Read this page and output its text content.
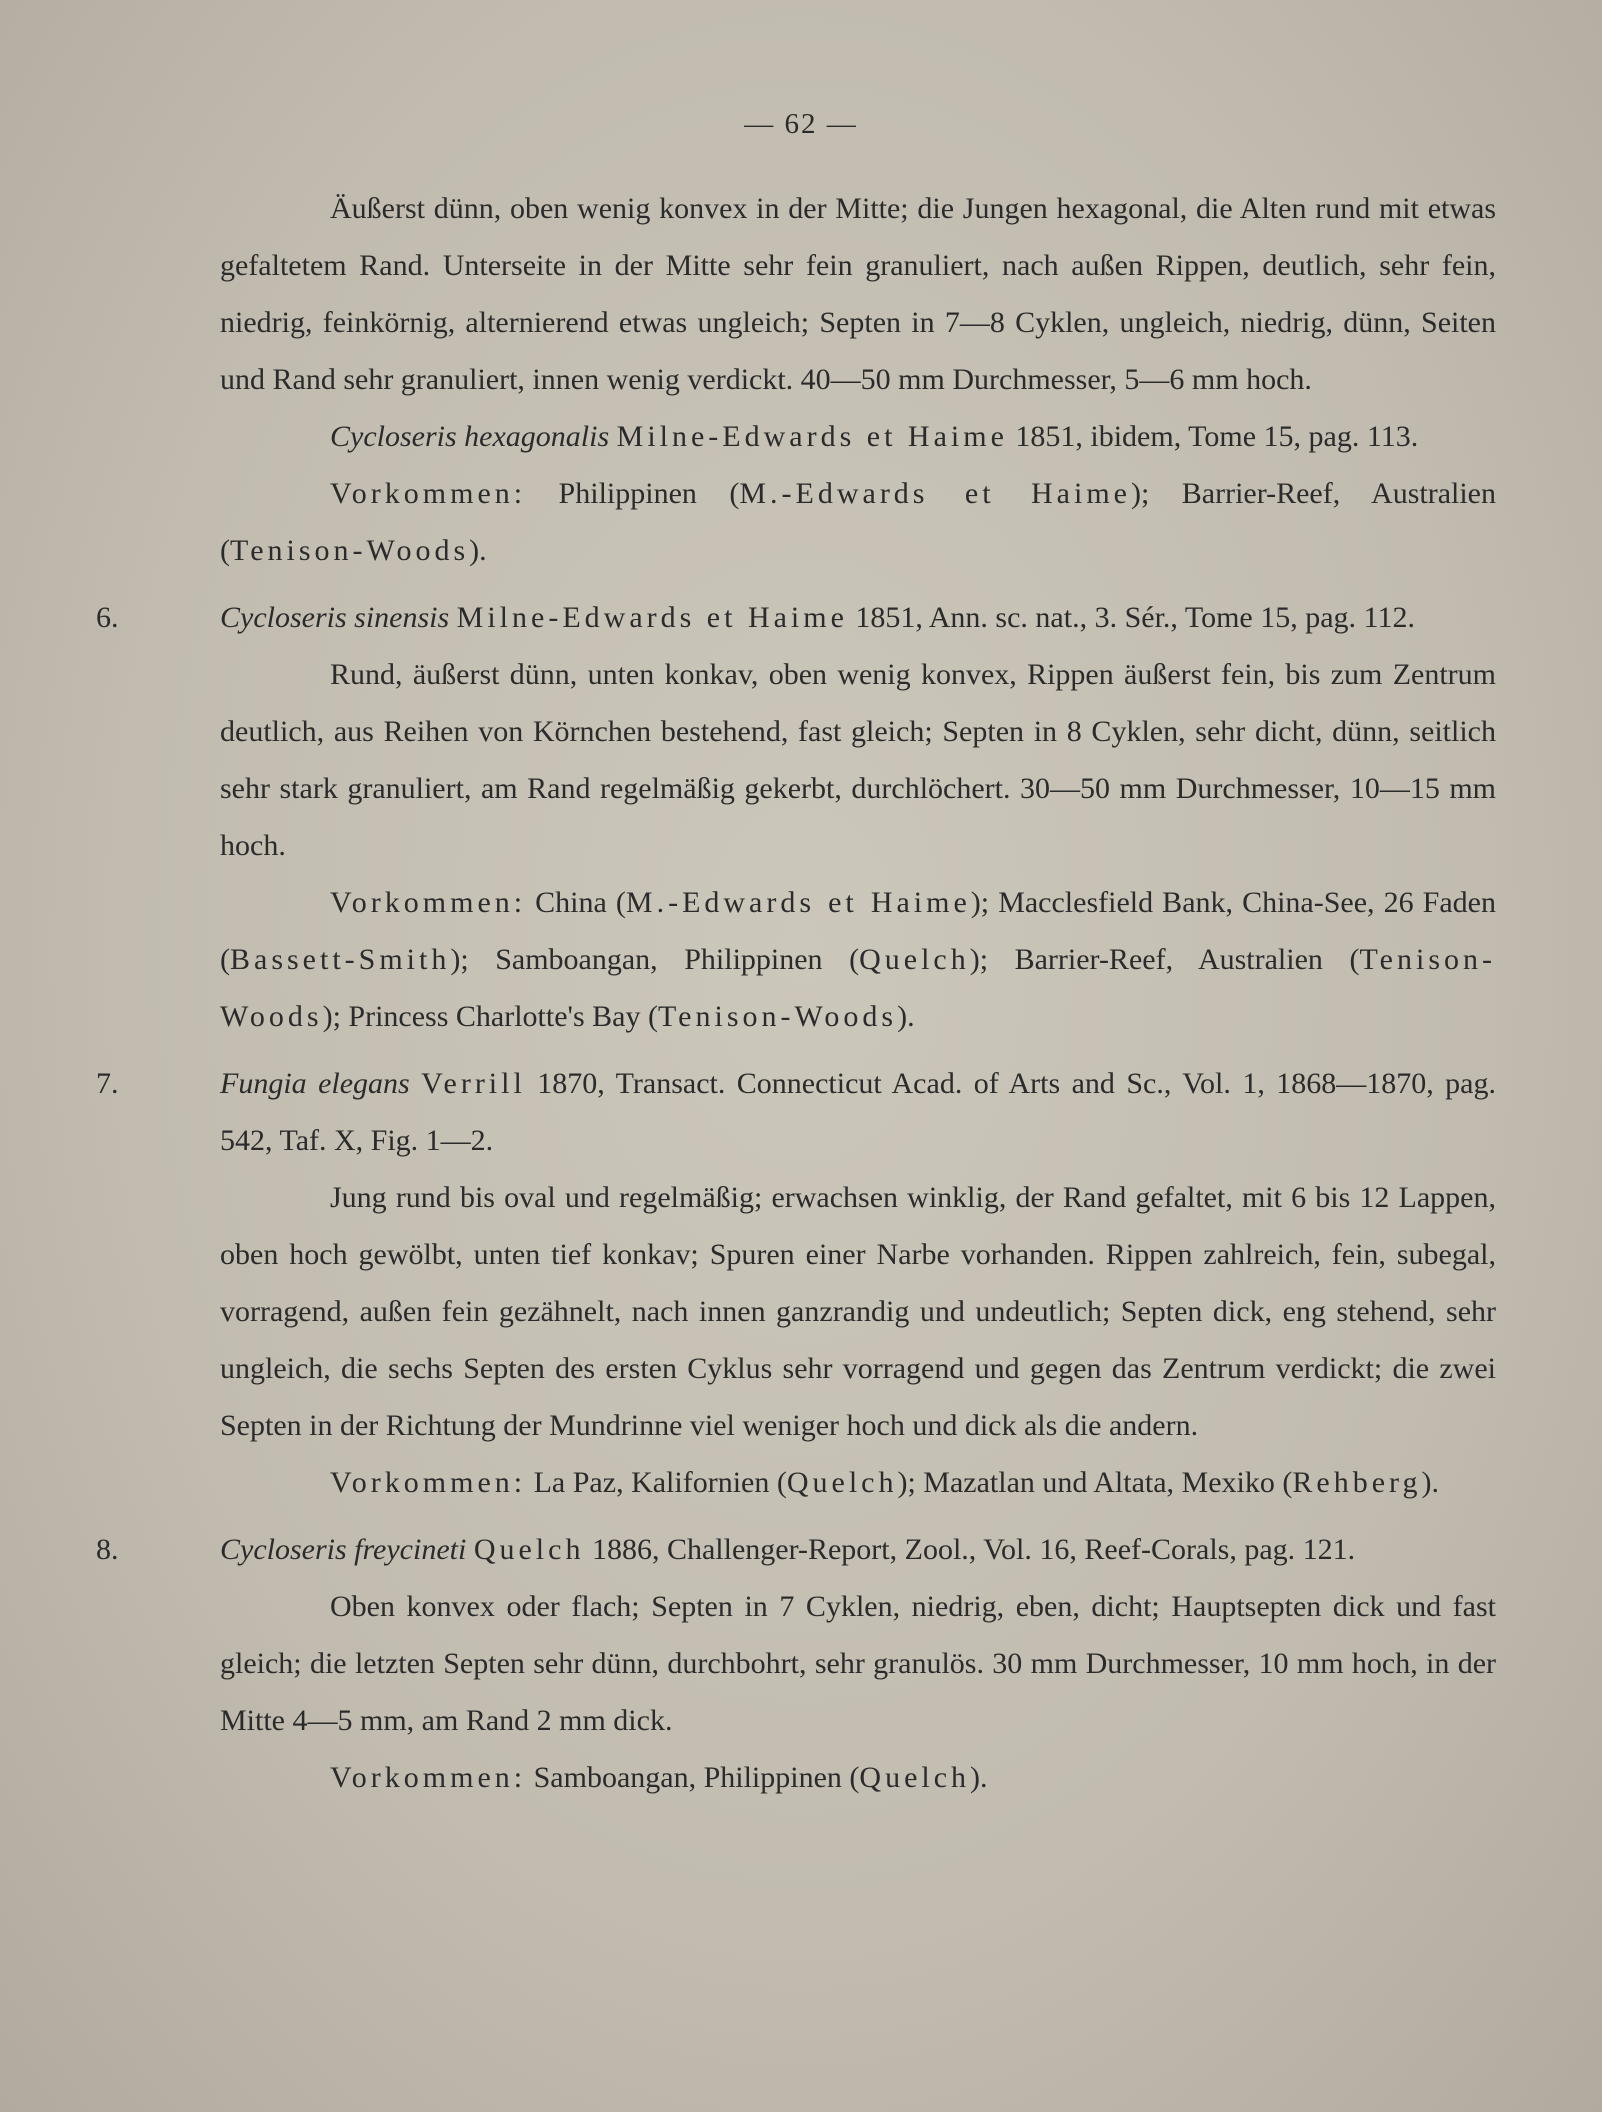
— 62 —

Äußerst dünn, oben wenig konvex in der Mitte; die Jungen hexagonal, die Alten rund mit etwas gefaltetem Rand. Unterseite in der Mitte sehr fein granuliert, nach außen Rippen, deutlich, sehr fein, niedrig, feinkörnig, alternierend etwas ungleich; Septen in 7—8 Cyklen, ungleich, niedrig, dünn, Seiten und Rand sehr granuliert, innen wenig verdickt. 40—50 mm Durchmesser, 5—6 mm hoch.

Cycloseris hexagonalis Milne-Edwards et Haime 1851, ibidem, Tome 15, pag. 113.

Vorkommen: Philippinen (M.-Edwards et Haime); Barrier-Reef, Australien (Tenison-Woods).

6.	Cycloseris sinensis Milne-Edwards et Haime 1851, Ann. sc. nat., 3. Sér., Tome 15, pag. 112.

Rund, äußerst dünn, unten konkav, oben wenig konvex, Rippen äußerst fein, bis zum Zentrum deutlich, aus Reihen von Körnchen bestehend, fast gleich; Septen in 8 Cyklen, sehr dicht, dünn, seitlich sehr stark granuliert, am Rand regelmäßig gekerbt, durchlöchert. 30—50 mm Durchmesser, 10—15 mm hoch.

Vorkommen: China (M.-Edwards et Haime); Macclesfield Bank, China-See, 26 Faden (Bassett-Smith); Samboangan, Philippinen (Quelch); Barrier-Reef, Australien (Tenison-Woods); Princess Charlotte's Bay (Tenison-Woods).

7.	Fungia elegans Verrill 1870, Transact. Connecticut Acad. of Arts and Sc., Vol. 1, 1868—1870, pag. 542, Taf. X, Fig. 1—2.

Jung rund bis oval und regelmäßig; erwachsen winklig, der Rand gefaltet, mit 6 bis 12 Lappen, oben hoch gewölbt, unten tief konkav; Spuren einer Narbe vorhanden. Rippen zahlreich, fein, subegal, vorragend, außen fein gezähnelt, nach innen ganzrandig und undeutlich; Septen dick, eng stehend, sehr ungleich, die sechs Septen des ersten Cyklus sehr vorragend und gegen das Zentrum verdickt; die zwei Septen in der Richtung der Mundrinne viel weniger hoch und dick als die andern.

Vorkommen: La Paz, Kalifornien (Quelch); Mazatlan und Altata, Mexiko (Rehberg).

8.	Cycloseris freycineti Quelch 1886, Challenger-Report, Zool., Vol. 16, Reef-Corals, pag. 121.

Oben konvex oder flach; Septen in 7 Cyklen, niedrig, eben, dicht; Hauptsepten dick und fast gleich; die letzten Septen sehr dünn, durchbohrt, sehr granulös. 30 mm Durchmesser, 10 mm hoch, in der Mitte 4—5 mm, am Rand 2 mm dick.

Vorkommen: Samboangan, Philippinen (Quelch).
